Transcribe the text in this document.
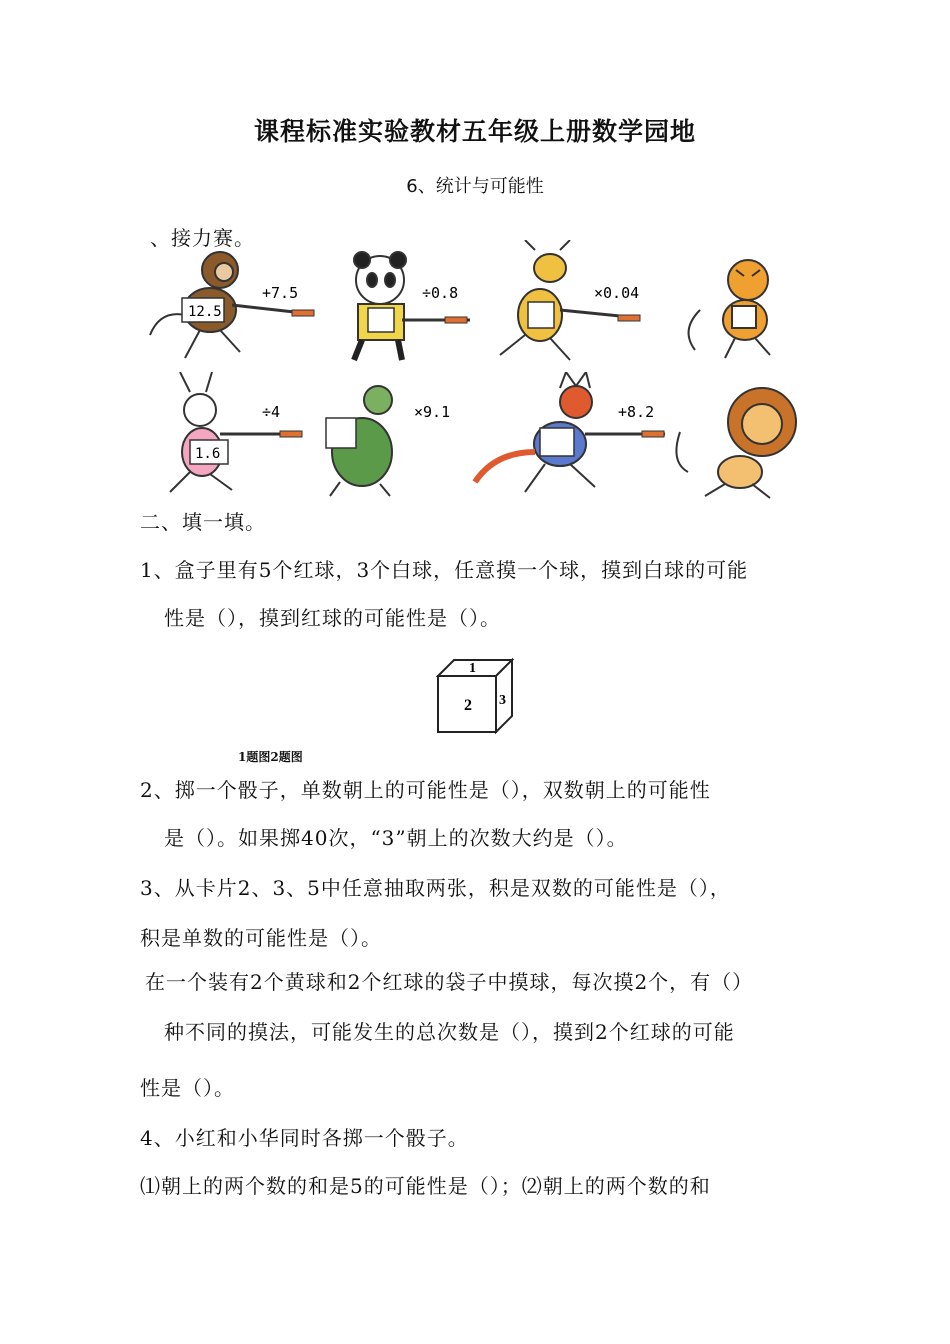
课程标准实验教材五年级上册数学园地
6、统计与可能性
、接力赛。
12.5
+7.5	÷0.8	×0.04
1.6
÷4	×9.1	+8.2
二、填一填。
1、盒子里有5个红球，3个白球，任意摸一个球，摸到白球的可能
性是（），摸到红球的可能性是（）。
1
2 3
1题图2题图
2、掷一个骰子，单数朝上的可能性是（），双数朝上的可能性
是（）。如果掷40次，“3”朝上的次数大约是（）。
3、从卡片2、3、5中任意抽取两张，积是双数的可能性是（），
积是单数的可能性是（）。
在一个装有2个黄球和2个红球的袋子中摸球，每次摸2个，有（）
种不同的摸法，可能发生的总次数是（），摸到2个红球的可能
性是（）。
4、小红和小华同时各掷一个骰子。
⑴朝上的两个数的和是5的可能性是（）；⑵朝上的两个数的和
